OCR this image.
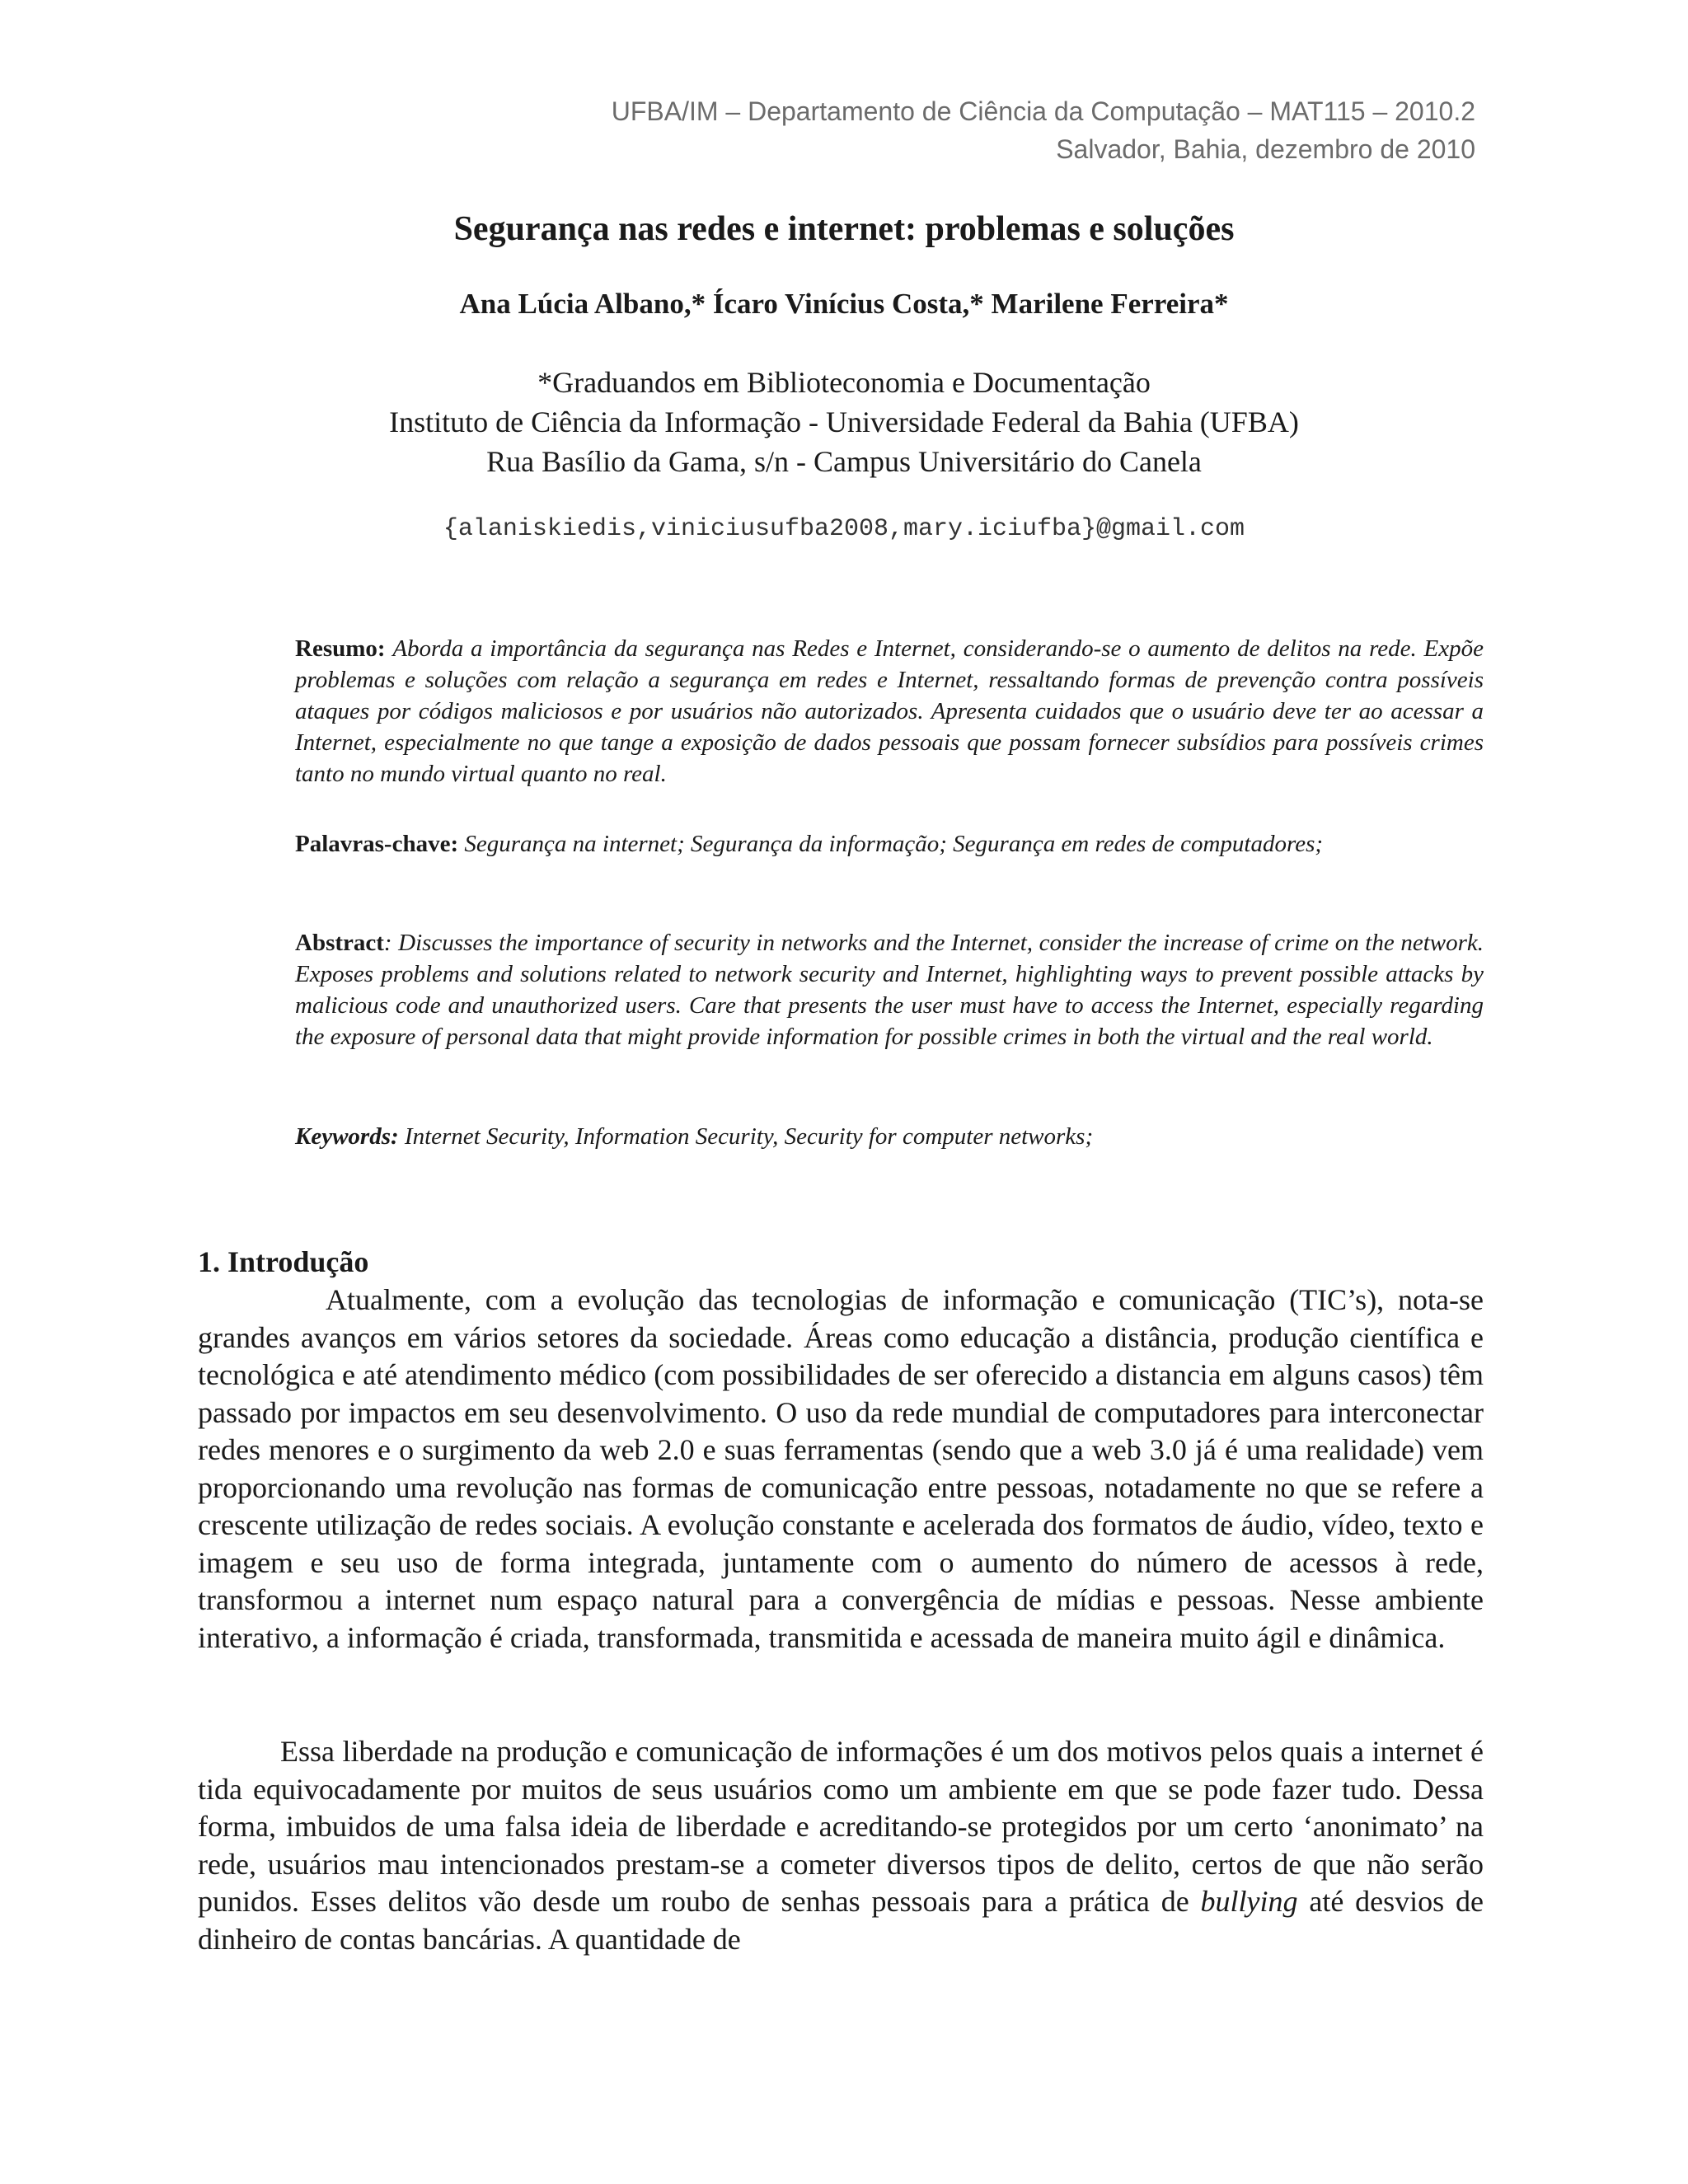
UFBA/IM – Departamento de Ciência da Computação – MAT115 – 2010.2
Salvador, Bahia, dezembro de 2010
Segurança nas redes e internet: problemas e soluções
Ana Lúcia Albano,* Ícaro Vinícius Costa,* Marilene Ferreira*
*Graduandos em Biblioteconomia e Documentação
Instituto de Ciência da Informação - Universidade Federal da Bahia (UFBA)
Rua Basílio da Gama, s/n - Campus Universitário do Canela
{alaniskiedis,viniciusufba2008,mary.iciufba}@gmail.com
Resumo: Aborda a importância da segurança nas Redes e Internet, considerando-se o aumento de delitos na rede. Expõe problemas e soluções com relação a segurança em redes e Internet, ressaltando formas de prevenção contra possíveis ataques por códigos maliciosos e por usuários não autorizados. Apresenta cuidados que o usuário deve ter ao acessar a Internet, especialmente no que tange a exposição de dados pessoais que possam fornecer subsídios para possíveis crimes tanto no mundo virtual quanto no real.
Palavras-chave: Segurança na internet; Segurança da informação; Segurança em redes de computadores;
Abstract: Discusses the importance of security in networks and the Internet, consider the increase of crime on the network. Exposes problems and solutions related to network security and Internet, highlighting ways to prevent possible attacks by malicious code and unauthorized users. Care that presents the user must have to access the Internet, especially regarding the exposure of personal data that might provide information for possible crimes in both the virtual and the real world.
Keywords: Internet Security, Information Security, Security for computer networks;
1. Introdução
Atualmente, com a evolução das tecnologias de informação e comunicação (TIC’s), nota-se grandes avanços em vários setores da sociedade. Áreas como educação a distância, produção científica e tecnológica e até atendimento médico (com possibilidades de ser oferecido a distancia em alguns casos) têm passado por impactos em seu desenvolvimento. O uso da rede mundial de computadores para interconectar redes menores e o surgimento da web 2.0 e suas ferramentas (sendo que a web 3.0 já é uma realidade) vem proporcionando uma revolução nas formas de comunicação entre pessoas, notadamente no que se refere a crescente utilização de redes sociais. A evolução constante e acelerada dos formatos de áudio, vídeo, texto e imagem e seu uso de forma integrada, juntamente com o aumento do número de acessos à rede, transformou a internet num espaço natural para a convergência de mídias e pessoas. Nesse ambiente interativo, a informação é criada, transformada, transmitida e acessada de maneira muito ágil e dinâmica.
Essa liberdade na produção e comunicação de informações é um dos motivos pelos quais a internet é tida equivocadamente por muitos de seus usuários como um ambiente em que se pode fazer tudo. Dessa forma, imbuidos de uma falsa ideia de liberdade e acreditando-se protegidos por um certo ‘anonimato’ na rede, usuários mau intencionados prestam-se a cometer diversos tipos de delito, certos de que não serão punidos. Esses delitos vão desde um roubo de senhas pessoais para a prática de bullying até desvios de dinheiro de contas bancárias. A quantidade de
